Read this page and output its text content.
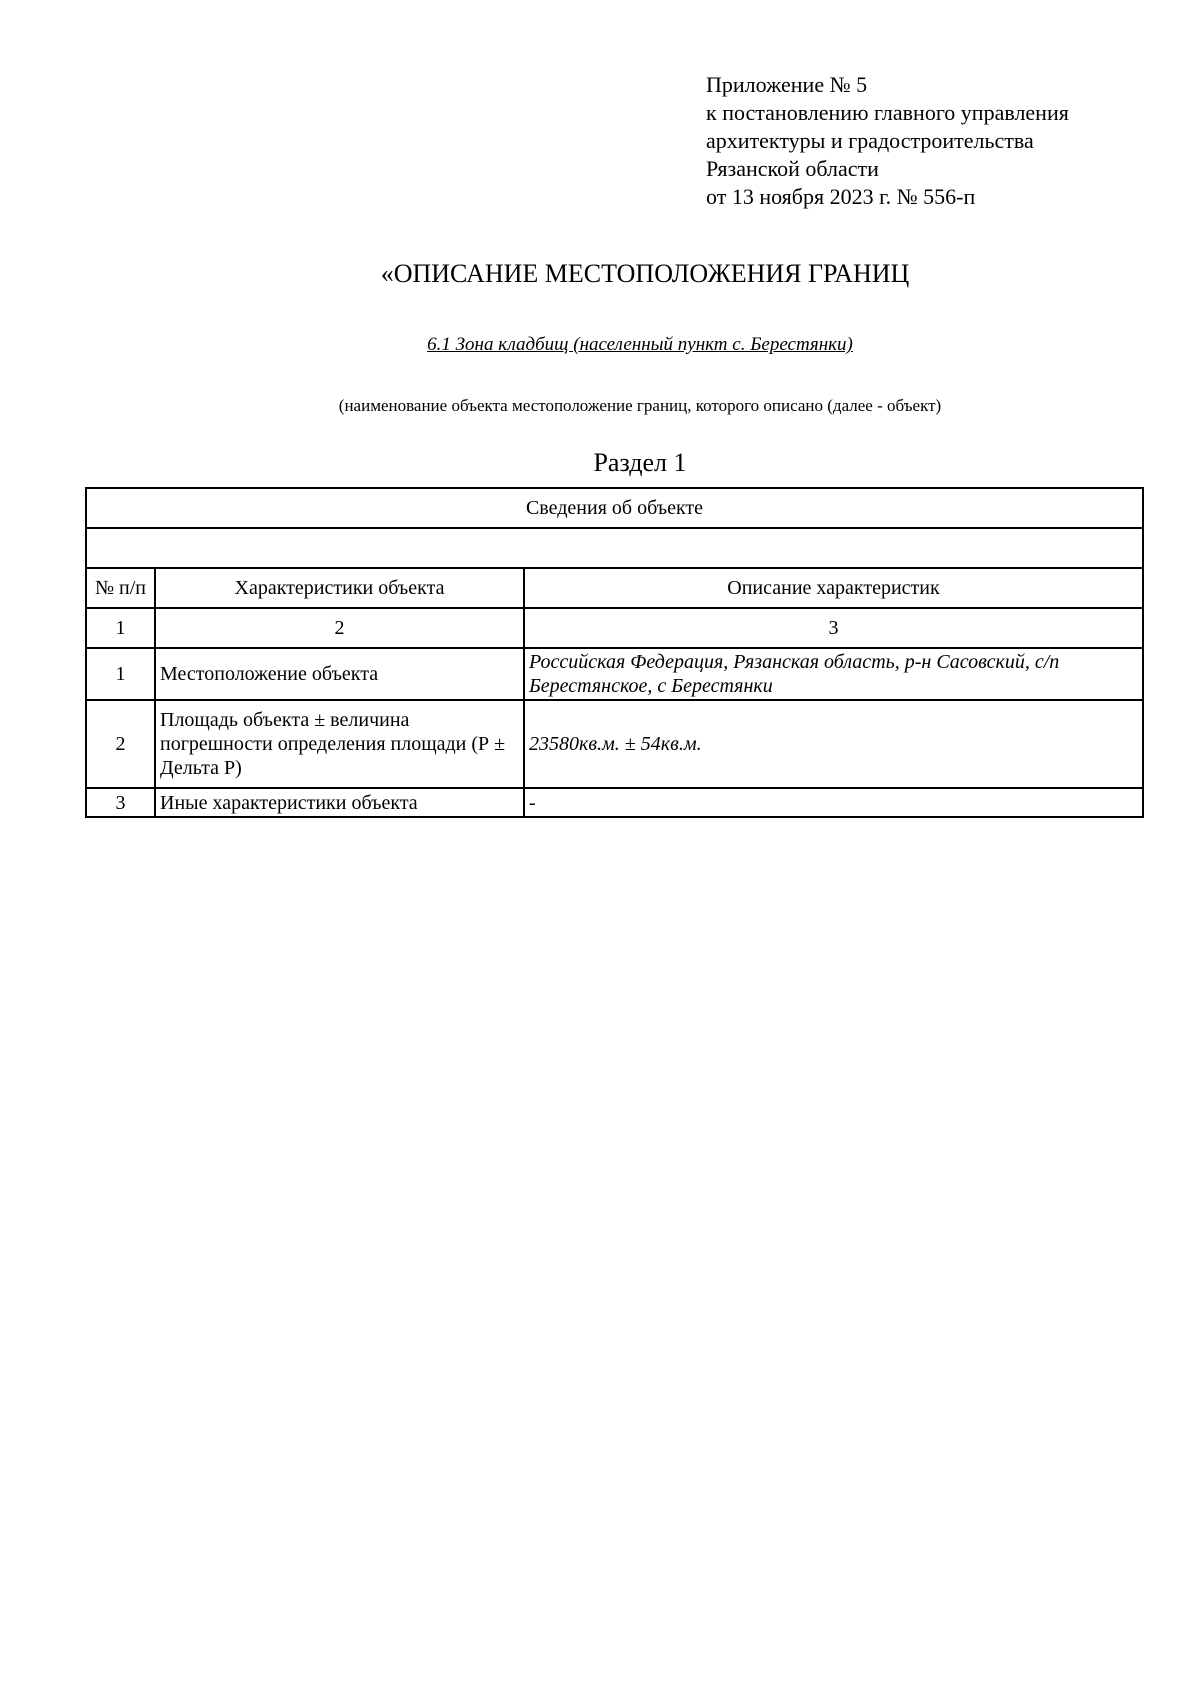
Приложение № 5
к постановлению главного управления
архитектуры и градостроительства
Рязанской области
от 13 ноября 2023 г. № 556-п
«ОПИСАНИЕ МЕСТОПОЛОЖЕНИЯ ГРАНИЦ
6.1 Зона кладбищ (населенный пункт с. Берестянки)
(наименование объекта местоположение границ, которого описано (далее - объект)
Раздел 1
Сведения об объекте		

№ п/п	Характеристики объекта	Описание характеристик
1	2	3
1	Местоположение объекта	Российская Федерация, Рязанская область, р-н Сасовский, с/п Берестянское, с Берестянки
2	Площадь объекта ± величина погрешности определения площади (Р ± Дельта Р)	23580кв.м. ± 54кв.м.
3	Иные характеристики объекта	-
